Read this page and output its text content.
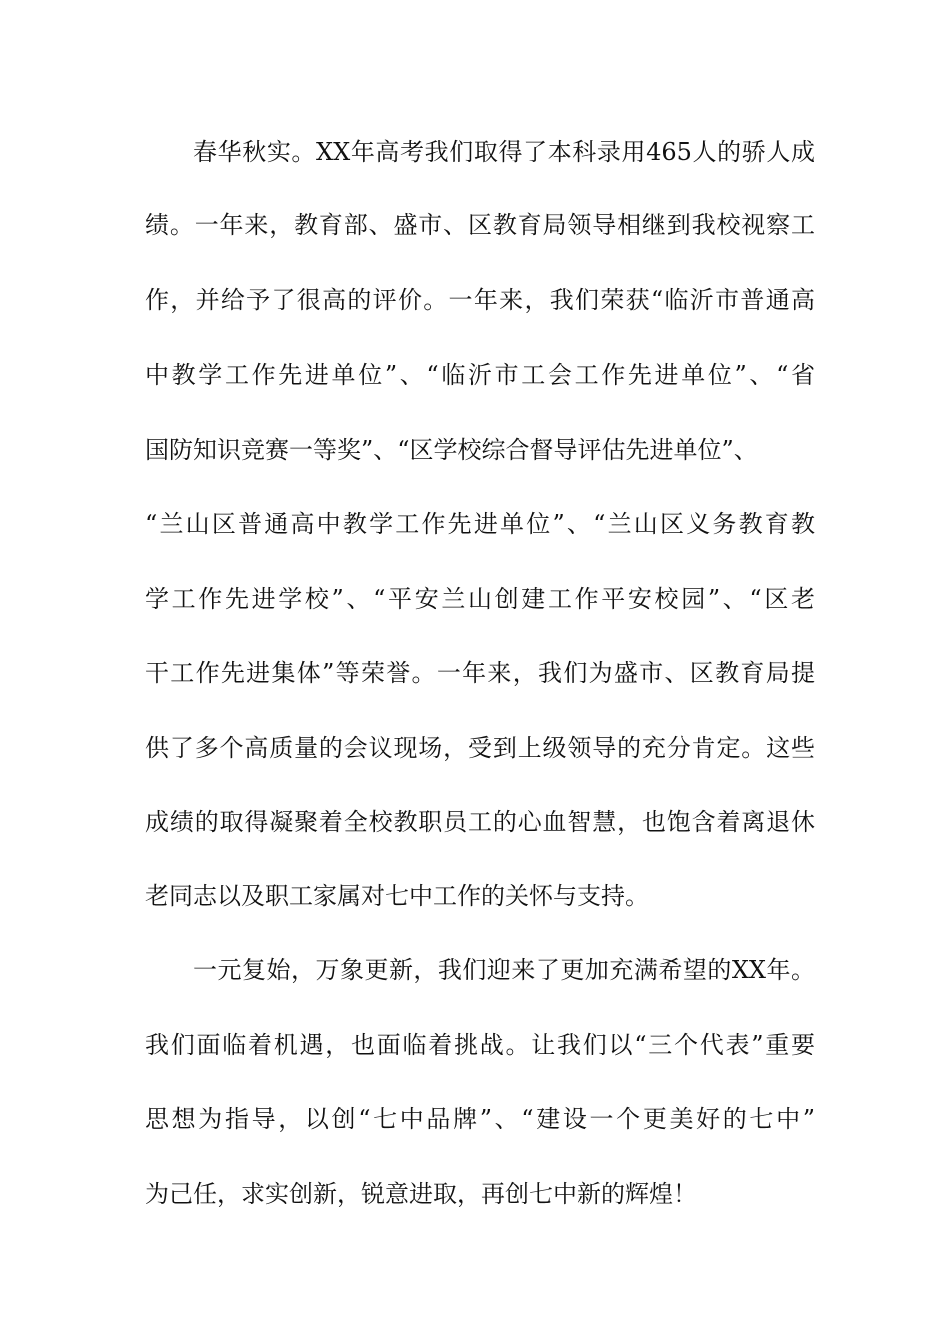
春华秋实。XX年高考我们取得了本科录用465人的骄人成
绩。一年来，教育部、盛市、区教育局领导相继到我校视察工
作，并给予了很高的评价。一年来，我们荣获“临沂市普通高
中教学工作先进单位”、“临沂市工会工作先进单位”、“省
国防知识竞赛一等奖”、“区学校综合督导评估先进单位”、
“兰山区普通高中教学工作先进单位”、“兰山区义务教育教
学工作先进学校”、“平安兰山创建工作平安校园”、“区老
干工作先进集体”等荣誉。一年来，我们为盛市、区教育局提
供了多个高质量的会议现场，受到上级领导的充分肯定。这些
成绩的取得凝聚着全校教职员工的心血智慧，也饱含着离退休
老同志以及职工家属对七中工作的关怀与支持。
一元复始，万象更新，我们迎来了更加充满希望的XX年。
我们面临着机遇，也面临着挑战。让我们以“三个代表”重要
思想为指导，以创“七中品牌”、“建设一个更美好的七中”
为己任，求实创新，锐意进取，再创七中新的辉煌！
